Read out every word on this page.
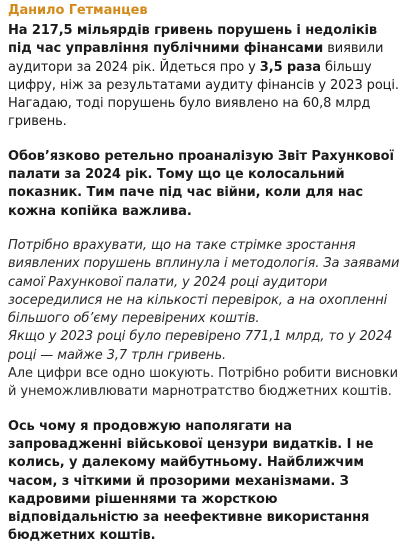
Данило Гетманцев

На 217,5 мільярдів гривень порушень і недоліків під час управління публічними фінансами виявили аудитори за 2024 рік. Йдеться про у 3,5 раза більшу цифру, ніж за результатами аудиту фінансів у 2023 році. Нагадаю, тоді порушень було виявлено на 60,8 млрд гривень.

Обов’язково ретельно проаналізую Звіт Рахункової палати за 2024 рік. Тому що це колосальний показник. Тим паче під час війни, коли для нас кожна копійка важлива.

Потрібно врахувати, що на таке стрімке зростання виявлених порушень вплинула і методологія. За заявами самої Рахункової палати, у 2024 році аудитори зосередилися не на кількості перевірок, а на охопленні більшого об’єму перевірених коштів.
Якщо у 2023 році було перевірено 771,1 млрд, то у 2024 році — майже 3,7 трлн гривень.
Але цифри все одно шокують. Потрібно робити висновки й унеможливлювати марнотратство бюджетних коштів.

Ось чому я продовжую наполягати на запровадженні військової цензури видатків. І не колись, у далекому майбутньому. Найближчим часом, з чіткими й прозорими механізмами. З кадровими рішеннями та жорсткою відповідальністю за неефективне використання бюджетних коштів.
